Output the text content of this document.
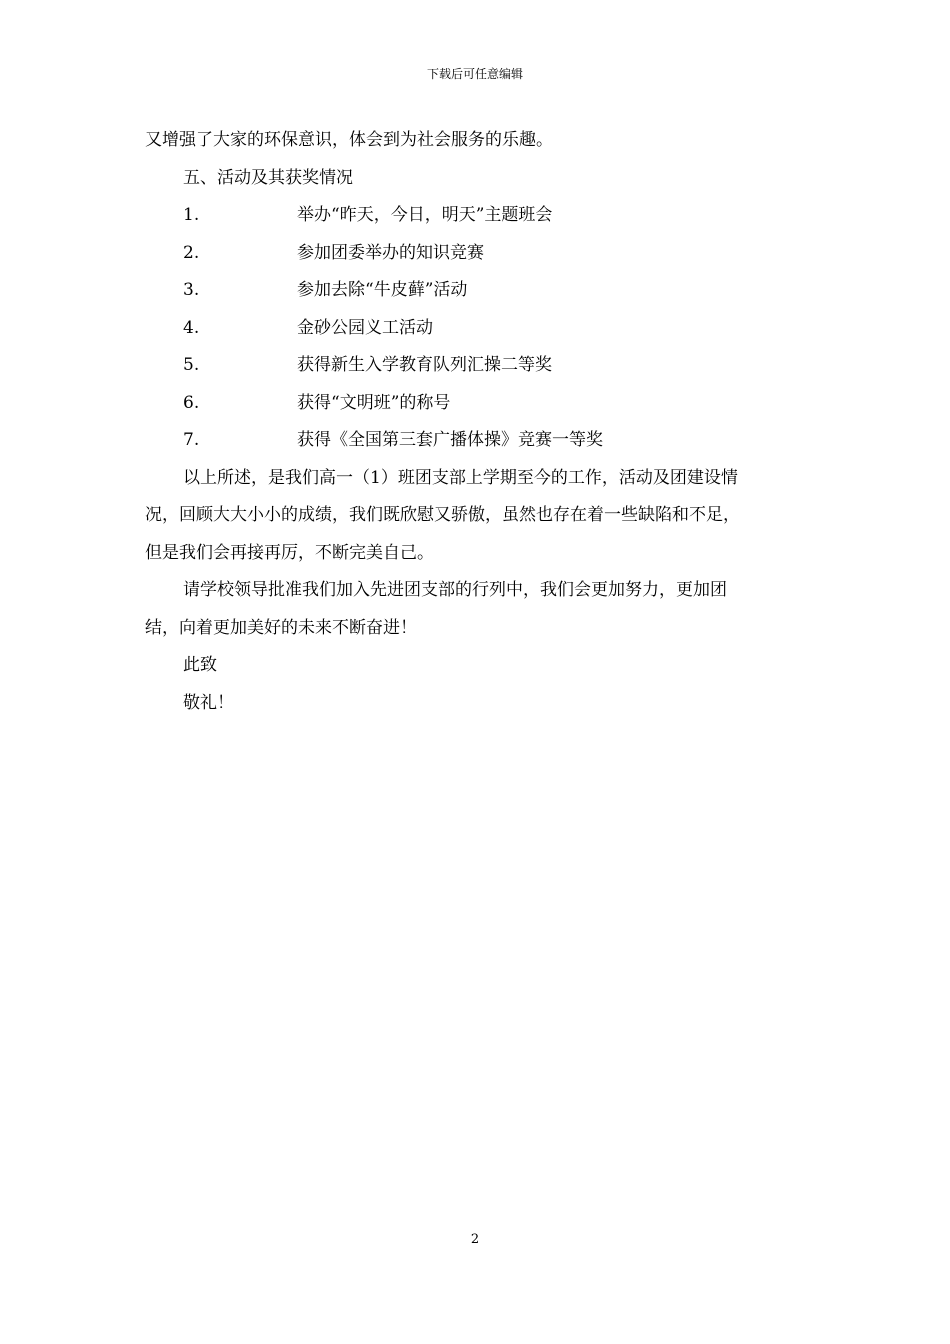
下载后可任意编辑
又增强了大家的环保意识，体会到为社会服务的乐趣。
五、活动及其获奖情况
1.	举办“昨天，今日，明天”主题班会
2.	参加团委举办的知识竞赛
3.	参加去除“牛皮藓”活动
4.	金砂公园义工活动
5.	获得新生入学教育队列汇操二等奖
6.	获得“文明班”的称号
7.	获得《全国第三套广播体操》竞赛一等奖
以上所述，是我们高一（1）班团支部上学期至今的工作，活动及团建设情
况，回顾大大小小的成绩，我们既欣慰又骄傲，虽然也存在着一些缺陷和不足，
但是我们会再接再厉，不断完美自己。
请学校领导批准我们加入先进团支部的行列中，我们会更加努力，更加团
结，向着更加美好的未来不断奋进！
此致
敬礼！
2
